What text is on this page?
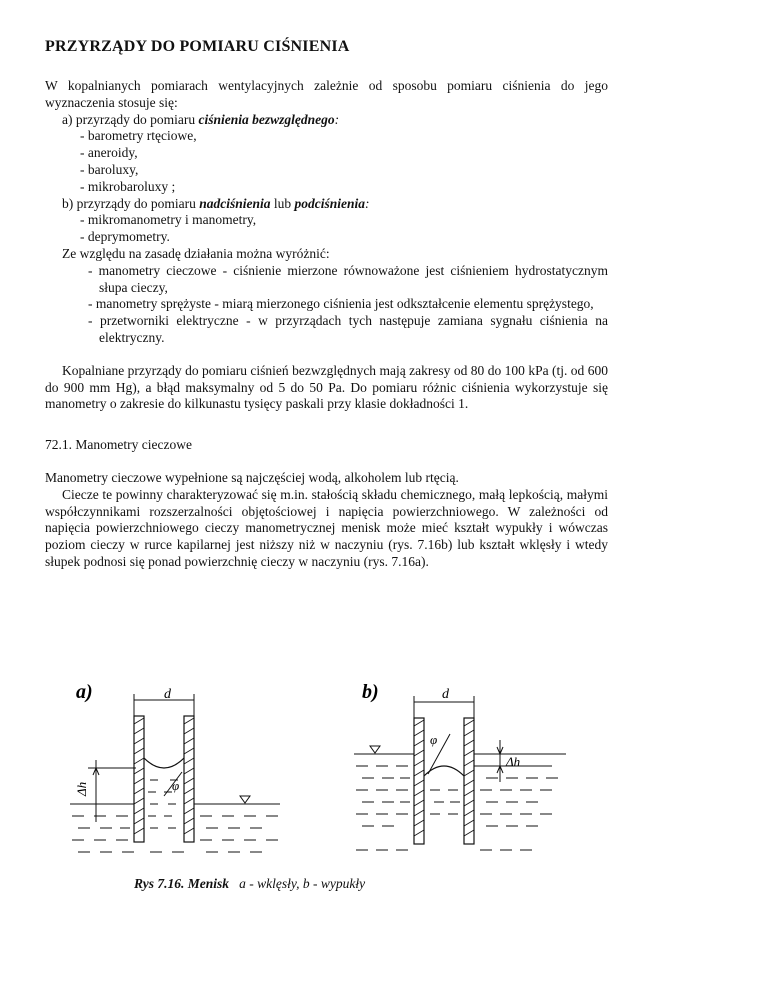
PRZYRZĄDY DO POMIARU CIŚNIENIA

W kopalnianych pomiarach wentylacyjnych zależnie od sposobu pomiaru ciśnienia do jego wyznaczenia stosuje się:

a) przyrządy do pomiaru ciśnienia bezwzględnego:
- barometry rtęciowe,
- aneroidy,
- baroluxy,
- mikrobaroluxy ;
b) przyrządy do pomiaru nadciśnienia lub podciśnienia:
- mikromanometry i manometry,
- deprymometry.
Ze względu na zasadę działania można wyróżnić:
- manometry cieczowe - ciśnienie mierzone równoważone jest ciśnieniem hydrostatycznym słupa cieczy,
- manometry sprężyste - miarą mierzonego ciśnienia jest odkształcenie elementu sprężystego,
- przetworniki elektryczne - w przyrządach tych następuje zamiana sygnału ciśnienia na elektryczny.

Kopalniane przyrządy do pomiaru ciśnień bezwzględnych mają zakresy od 80 do 100 kPa (tj. od 600 do 900 mm Hg), a błąd maksymalny od 5 do 50 Pa. Do pomiaru różnic ciśnienia wykorzystuje się manometry o zakresie do kilkunastu tysięcy paskali przy klasie dokładności 1.

72.1. Manometry cieczowe

Manometry cieczowe wypełnione są najczęściej wodą, alkoholem lub rtęcią.

Ciecze te powinny charakteryzować się m.in. stałością składu chemicznego, małą lepkością, małymi współczynnikami rozszerzalności objętościowej i napięcia powierzchniowego. W zależności od napięcia powierzchniowego cieczy manometrycznej menisk może mieć kształt wypukły i wówczas poziom cieczy w rurce kapilarnej jest niższy niż w naczyniu (rys. 7.16b) lub kształt wklęsły i wtedy słupek podnosi się ponad powierzchnię cieczy w naczyniu (rys. 7.16a).

a)	d
Δh	φ
b)	d
Δh
φ
Rys 7.16. Menisk a - wklęsły, b - wypukły
